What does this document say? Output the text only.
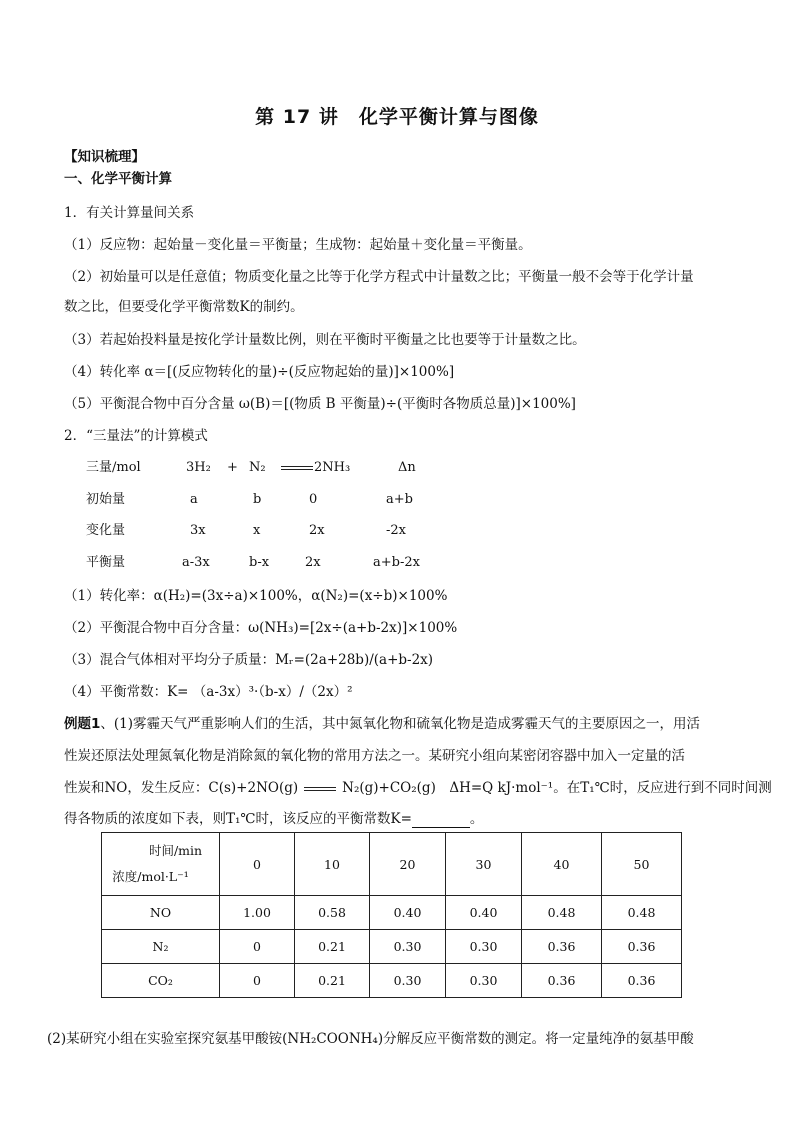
第 17 讲　化学平衡计算与图像
【知识梳理】
一、化学平衡计算
1．有关计算量间关系
（1）反应物：起始量－变化量＝平衡量；生成物：起始量＋变化量＝平衡量。
（2）初始量可以是任意值；物质变化量之比等于化学方程式中计量数之比；平衡量一般不会等于化学计量
数之比，但要受化学平衡常数K的制约。
（3）若起始投料量是按化学计量数比例，则在平衡时平衡量之比也要等于计量数之比。
（4）转化率 α＝[(反应物转化的量)÷(反应物起始的量)]×100%]
（5）平衡混合物中百分含量 ω(B)＝[(物质 B 平衡量)÷(平衡时各物质总量)]×100%]
2．“三量法”的计算模式
三量/mol	3H₂ + N₂	2NH₃	Δn
初始量	a	b	0	a+b
变化量	3x	x	2x	-2x
平衡量	a-3x	b-x	2x	a+b-2x
（1）转化率：α(H₂)=(3x÷a)×100%，α(N₂)=(x÷b)×100%
（2）平衡混合物中百分含量：ω(NH₃)=[2x÷(a+b-2x)]×100%
（3）混合气体相对平均分子质量：Mᵣ=(2a+28b)/(a+b-2x)
（4）平衡常数：K= （a-3x）³·（b-x）/（2x）²
例题1、(1)雾霾天气严重影响人们的生活，其中氮氧化物和硫氧化物是造成雾霾天气的主要原因之一，用活
性炭还原法处理氮氧化物是消除氮的氧化物的常用方法之一。某研究小组向某密闭容器中加入一定量的活
性炭和NO，发生反应：C(s)+2NO(g)	N₂(g)+CO₂(g)　ΔH=Q kJ·mol⁻¹。在T₁℃时，反应进行到不同时间测
得各物质的浓度如下表，则T₁℃时，该反应的平衡常数K=	。
时间/min
浓度/mol·L⁻¹	0	10	20	30	40	50
NO	1.00	0.58	0.40	0.40	0.48	0.48
N₂	0	0.21	0.30	0.30	0.36	0.36
CO₂	0	0.21	0.30	0.30	0.36	0.36
(2)某研究小组在实验室探究氨基甲酸铵(NH₂COONH₄)分解反应平衡常数的测定。将一定量纯净的氨基甲酸
